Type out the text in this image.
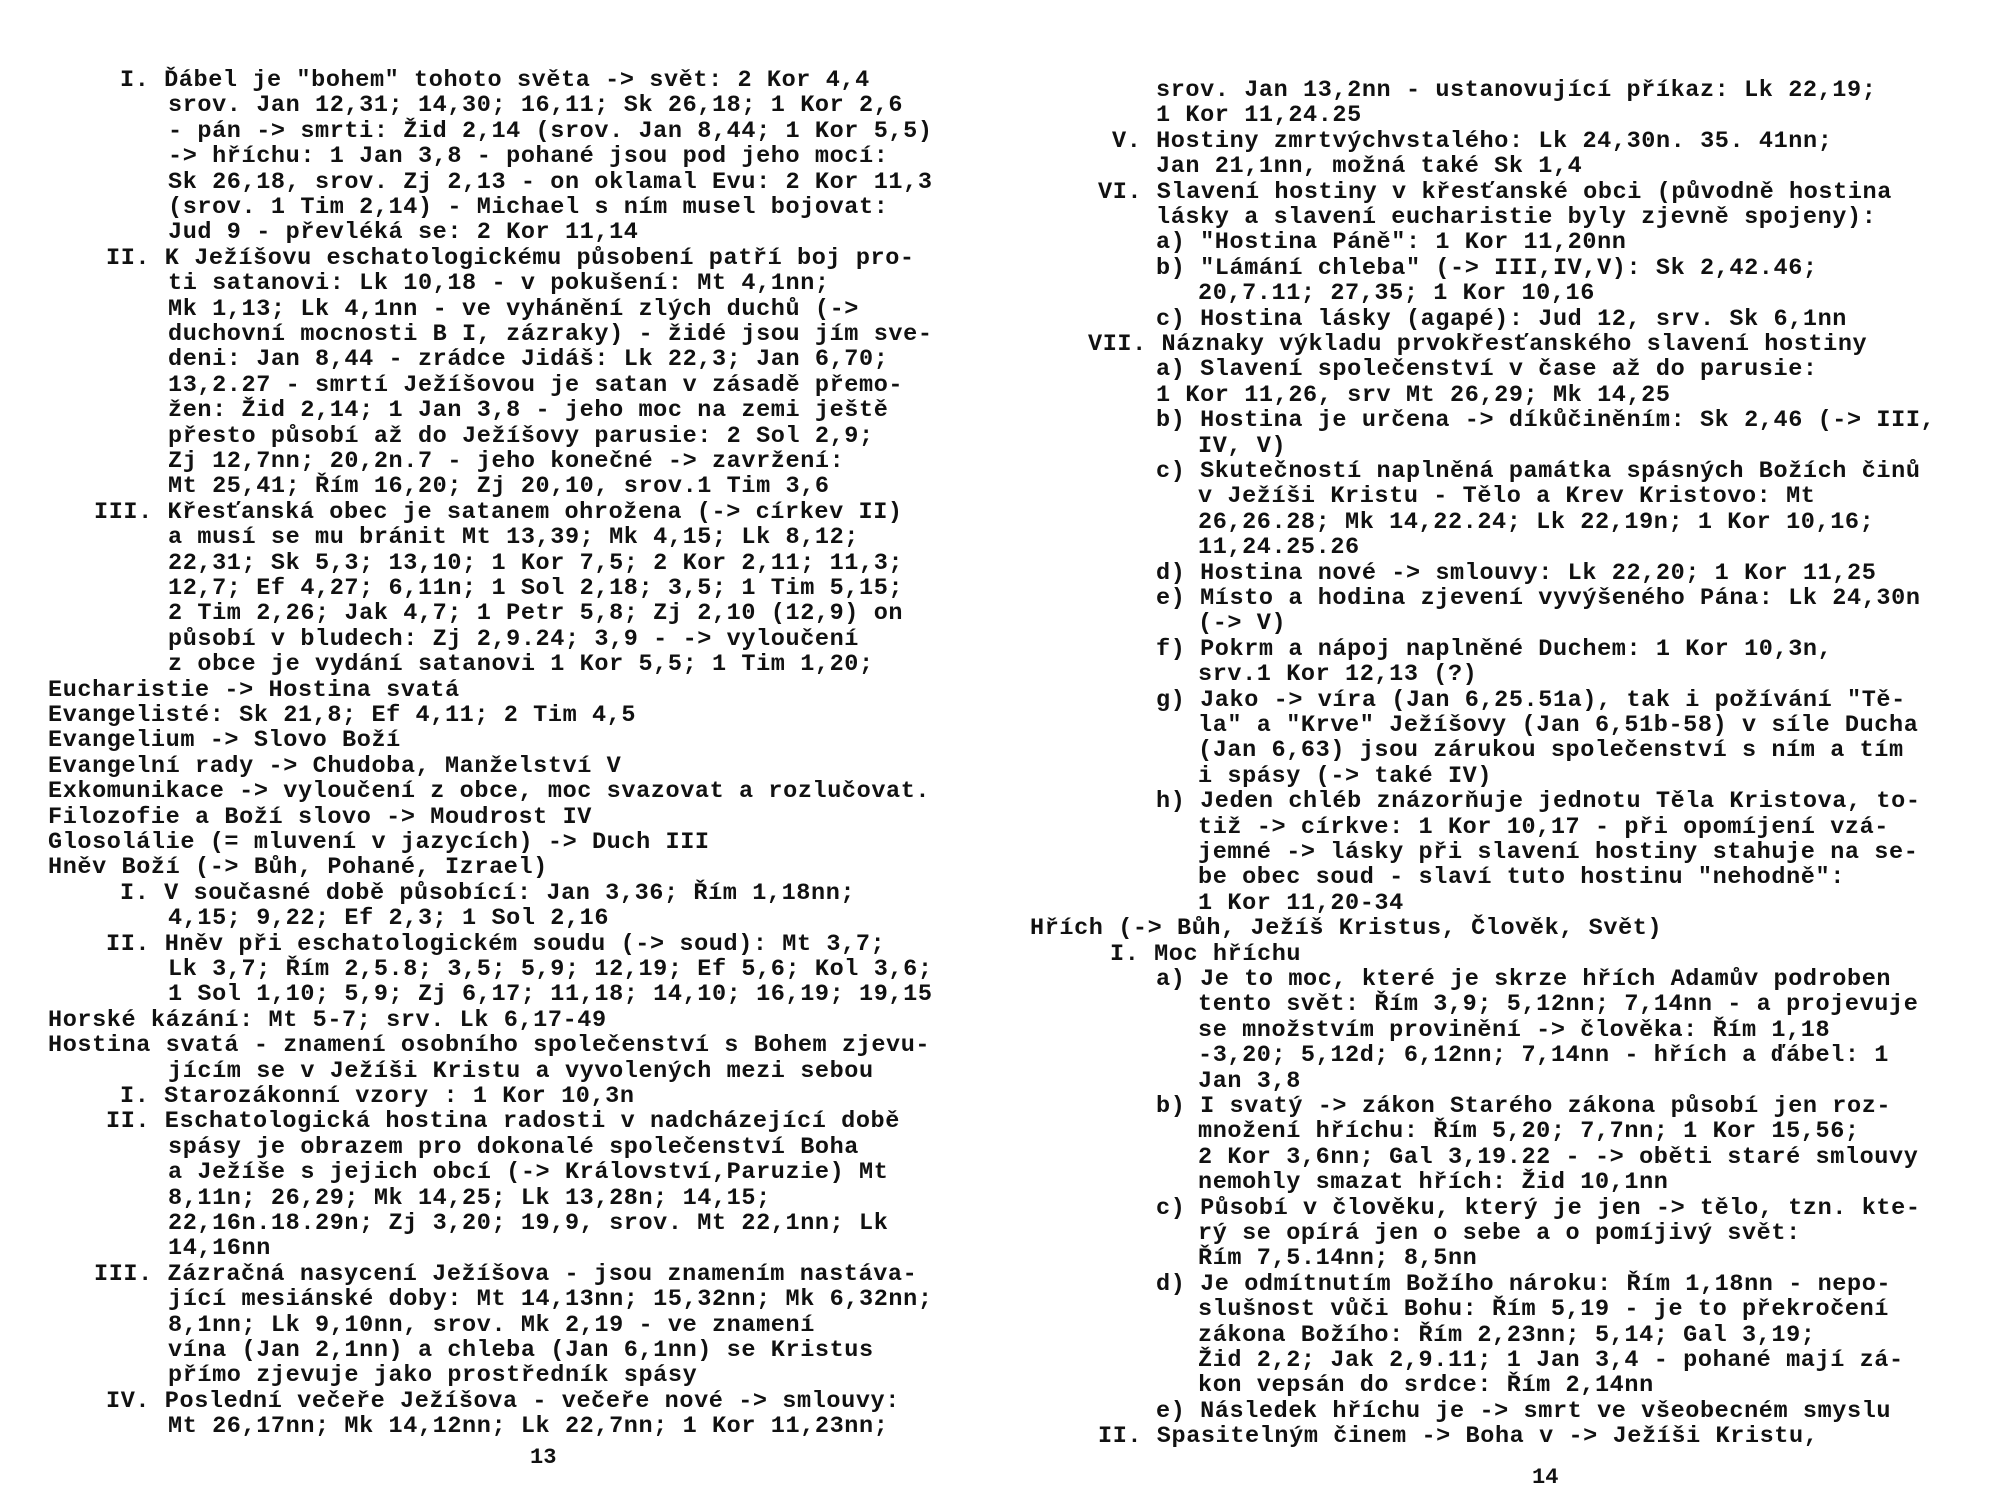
I. Ďábel je "bohem" tohoto světa -> svět: 2 Kor 4,4
srov. Jan 12,31; 14,30; 16,11; Sk 26,18; 1 Kor 2,6
- pán -> smrti: Žid 2,14 (srov. Jan 8,44; 1 Kor 5,5)
-> hříchu: 1 Jan 3,8 - pohané jsou pod jeho mocí:
Sk 26,18, srov. Zj 2,13 - on oklamal Evu: 2 Kor 11,3
(srov. 1 Tim 2,14) - Michael s ním musel bojovat:
Jud 9 - převléká se: 2 Kor 11,14
II. K Ježíšovu eschatologickému působení patří boj pro-
ti satanovi: Lk 10,18 - v pokušení: Mt 4,1nn;
Mk 1,13; Lk 4,1nn - ve vyhánění zlých duchů (->
duchovní mocnosti B I, zázraky) - židé jsou jím sve-
deni: Jan 8,44 - zrádce Jidáš: Lk 22,3; Jan 6,70;
13,2.27 - smrtí Ježíšovou je satan v zásadě přemo-
žen: Žid 2,14; 1 Jan 3,8 - jeho moc na zemi ještě
přesto působí až do Ježíšovy parusie: 2 Sol 2,9;
Zj 12,7nn; 20,2n.7 - jeho konečné -> zavržení:
Mt 25,41; Řím 16,20; Zj 20,10, srov.1 Tim 3,6
III. Křesťanská obec je satanem ohrožena (-> církev II)
a musí se mu bránit Mt 13,39; Mk 4,15; Lk 8,12;
22,31; Sk 5,3; 13,10; 1 Kor 7,5; 2 Kor 2,11; 11,3;
12,7; Ef 4,27; 6,11n; 1 Sol 2,18; 3,5; 1 Tim 5,15;
2 Tim 2,26; Jak 4,7; 1 Petr 5,8; Zj 2,10 (12,9) on
působí v bludech: Zj 2,9.24; 3,9 - -> vyloučení
z obce je vydání satanovi 1 Kor 5,5; 1 Tim 1,20;
Eucharistie -> Hostina svatá
Evangelisté: Sk 21,8; Ef 4,11; 2 Tim 4,5
Evangelium -> Slovo Boží
Evangelní rady -> Chudoba, Manželství V
Exkomunikace -> vyloučení z obce, moc svazovat a rozlučovat.
Filozofie a Boží slovo -> Moudrost IV
Glosolálie (= mluvení v jazycích) -> Duch III
Hněv Boží (-> Bůh, Pohané, Izrael)
I. V současné době působící: Jan 3,36; Řím 1,18nn;
4,15; 9,22; Ef 2,3; 1 Sol 2,16
II. Hněv při eschatologickém soudu (-> soud): Mt 3,7;
Lk 3,7; Řím 2,5.8; 3,5; 5,9; 12,19; Ef 5,6; Kol 3,6;
1 Sol 1,10; 5,9; Zj 6,17; 11,18; 14,10; 16,19; 19,15
Horské kázání: Mt 5-7; srv. Lk 6,17-49
Hostina svatá - znamení osobního společenství s Bohem zjevu-
jícím se v Ježíši Kristu a vyvolených mezi sebou
I. Starozákonní vzory : 1 Kor 10,3n
II. Eschatologická hostina radosti v nadcházející době
spásy je obrazem pro dokonalé společenství Boha
a Ježíše s jejich obcí (-> Království,Paruzie) Mt
8,11n; 26,29; Mk 14,25; Lk 13,28n; 14,15;
22,16n.18.29n; Zj 3,20; 19,9, srov. Mt 22,1nn; Lk
14,16nn
III. Zázračná nasycení Ježíšova - jsou znamením nastáva-
jící mesiánské doby: Mt 14,13nn; 15,32nn; Mk 6,32nn;
8,1nn; Lk 9,10nn, srov. Mk 2,19 - ve znamení
vína (Jan 2,1nn) a chleba (Jan 6,1nn) se Kristus
přímo zjevuje jako prostředník spásy
IV. Poslední večeře Ježíšova - večeře nové -> smlouvy:
Mt 26,17nn; Mk 14,12nn; Lk 22,7nn; 1 Kor 11,23nn;
13
srov. Jan 13,2nn - ustanovující příkaz: Lk 22,19;
1 Kor 11,24.25
V. Hostiny zmrtvýchvstalého: Lk 24,30n. 35. 41nn;
Jan 21,1nn, možná také Sk 1,4
VI. Slavení hostiny v křesťanské obci (původně hostina
lásky a slavení eucharistie byly zjevně spojeny):
a) "Hostina Páně": 1 Kor 11,20nn
b) "Lámání chleba" (-> III,IV,V): Sk 2,42.46;
20,7.11; 27,35; 1 Kor 10,16
c) Hostina lásky (agapé): Jud 12, srv. Sk 6,1nn
VII. Náznaky výkladu prvokřesťanského slavení hostiny
a) Slavení společenství v čase až do parusie:
1 Kor 11,26, srv Mt 26,29; Mk 14,25
b) Hostina je určena -> díkůčiněním: Sk 2,46 (-> III,
IV, V)
c) Skutečností naplněná památka spásných Božích činů
v Ježíši Kristu - Tělo a Krev Kristovo: Mt
26,26.28; Mk 14,22.24; Lk 22,19n; 1 Kor 10,16;
11,24.25.26
d) Hostina nové -> smlouvy: Lk 22,20; 1 Kor 11,25
e) Místo a hodina zjevení vyvýšeného Pána: Lk 24,30n
(-> V)
f) Pokrm a nápoj naplněné Duchem: 1 Kor 10,3n,
srv.1 Kor 12,13 (?)
g) Jako -> víra (Jan 6,25.51a), tak i požívání "Tě-
la" a "Krve" Ježíšovy (Jan 6,51b-58) v síle Ducha
(Jan 6,63) jsou zárukou společenství s ním a tím
i spásy (-> také IV)
h) Jeden chléb znázorňuje jednotu Těla Kristova, to-
tiž -> církve: 1 Kor 10,17 - při opomíjení vzá-
jemné -> lásky při slavení hostiny stahuje na se-
be obec soud - slaví tuto hostinu "nehodně":
1 Kor 11,20-34
Hřích (-> Bůh, Ježíš Kristus, Člověk, Svět)
I. Moc hříchu
a) Je to moc, které je skrze hřích Adamův podroben
tento svět: Řím 3,9; 5,12nn; 7,14nn - a projevuje
se množstvím provinění -> člověka: Řím 1,18
-3,20; 5,12d; 6,12nn; 7,14nn - hřích a ďábel: 1
Jan 3,8
b) I svatý -> zákon Starého zákona působí jen roz-
množení hříchu: Řím 5,20; 7,7nn; 1 Kor 15,56;
2 Kor 3,6nn; Gal 3,19.22 - -> oběti staré smlouvy
nemohly smazat hřích: Žid 10,1nn
c) Působí v člověku, který je jen -> tělo, tzn. kte-
rý se opírá jen o sebe a o pomíjivý svět:
Řím 7,5.14nn; 8,5nn
d) Je odmítnutím Božího nároku: Řím 1,18nn - nepo-
slušnost vůči Bohu: Řím 5,19 - je to překročení
zákona Božího: Řím 2,23nn; 5,14; Gal 3,19;
Žid 2,2; Jak 2,9.11; 1 Jan 3,4 - pohané mají zá-
kon vepsán do srdce: Řím 2,14nn
e) Následek hříchu je -> smrt ve všeobecném smyslu
II. Spasitelným činem -> Boha v -> Ježíši Kristu,
14
